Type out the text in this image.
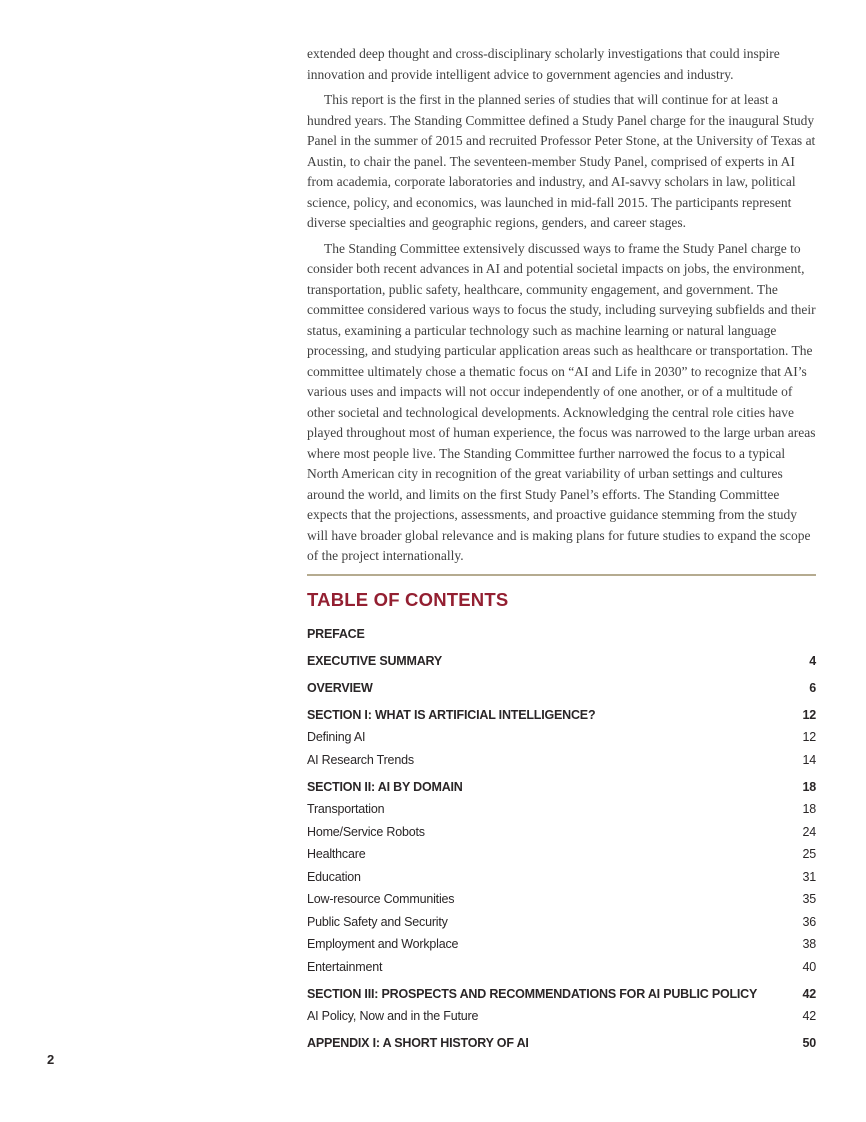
extended deep thought and cross-disciplinary scholarly investigations that could inspire innovation and provide intelligent advice to government agencies and industry.

This report is the first in the planned series of studies that will continue for at least a hundred years. The Standing Committee defined a Study Panel charge for the inaugural Study Panel in the summer of 2015 and recruited Professor Peter Stone, at the University of Texas at Austin, to chair the panel. The seventeen-member Study Panel, comprised of experts in AI from academia, corporate laboratories and industry, and AI-savvy scholars in law, political science, policy, and economics, was launched in mid-fall 2015. The participants represent diverse specialties and geographic regions, genders, and career stages.

The Standing Committee extensively discussed ways to frame the Study Panel charge to consider both recent advances in AI and potential societal impacts on jobs, the environment, transportation, public safety, healthcare, community engagement, and government. The committee considered various ways to focus the study, including surveying subfields and their status, examining a particular technology such as machine learning or natural language processing, and studying particular application areas such as healthcare or transportation. The committee ultimately chose a thematic focus on “AI and Life in 2030” to recognize that AI’s various uses and impacts will not occur independently of one another, or of a multitude of other societal and technological developments. Acknowledging the central role cities have played throughout most of human experience, the focus was narrowed to the large urban areas where most people live. The Standing Committee further narrowed the focus to a typical North American city in recognition of the great variability of urban settings and cultures around the world, and limits on the first Study Panel’s efforts. The Standing Committee expects that the projections, assessments, and proactive guidance stemming from the study will have broader global relevance and is making plans for future studies to expand the scope of the project internationally.

TABLE OF CONTENTS
PREFACE
EXECUTIVE SUMMARY	4
OVERVIEW	6
SECTION I: WHAT IS ARTIFICIAL INTELLIGENCE?	12
Defining AI	12
AI Research Trends	14
SECTION II: AI BY DOMAIN	18
Transportation	18
Home/Service Robots	24
Healthcare	25
Education	31
Low-resource Communities	35
Public Safety and Security	36
Employment and Workplace	38
Entertainment	40
SECTION III: PROSPECTS AND RECOMMENDATIONS FOR AI PUBLIC POLICY	42
AI Policy, Now and in the Future	42
APPENDIX I: A SHORT HISTORY OF AI	50
2
